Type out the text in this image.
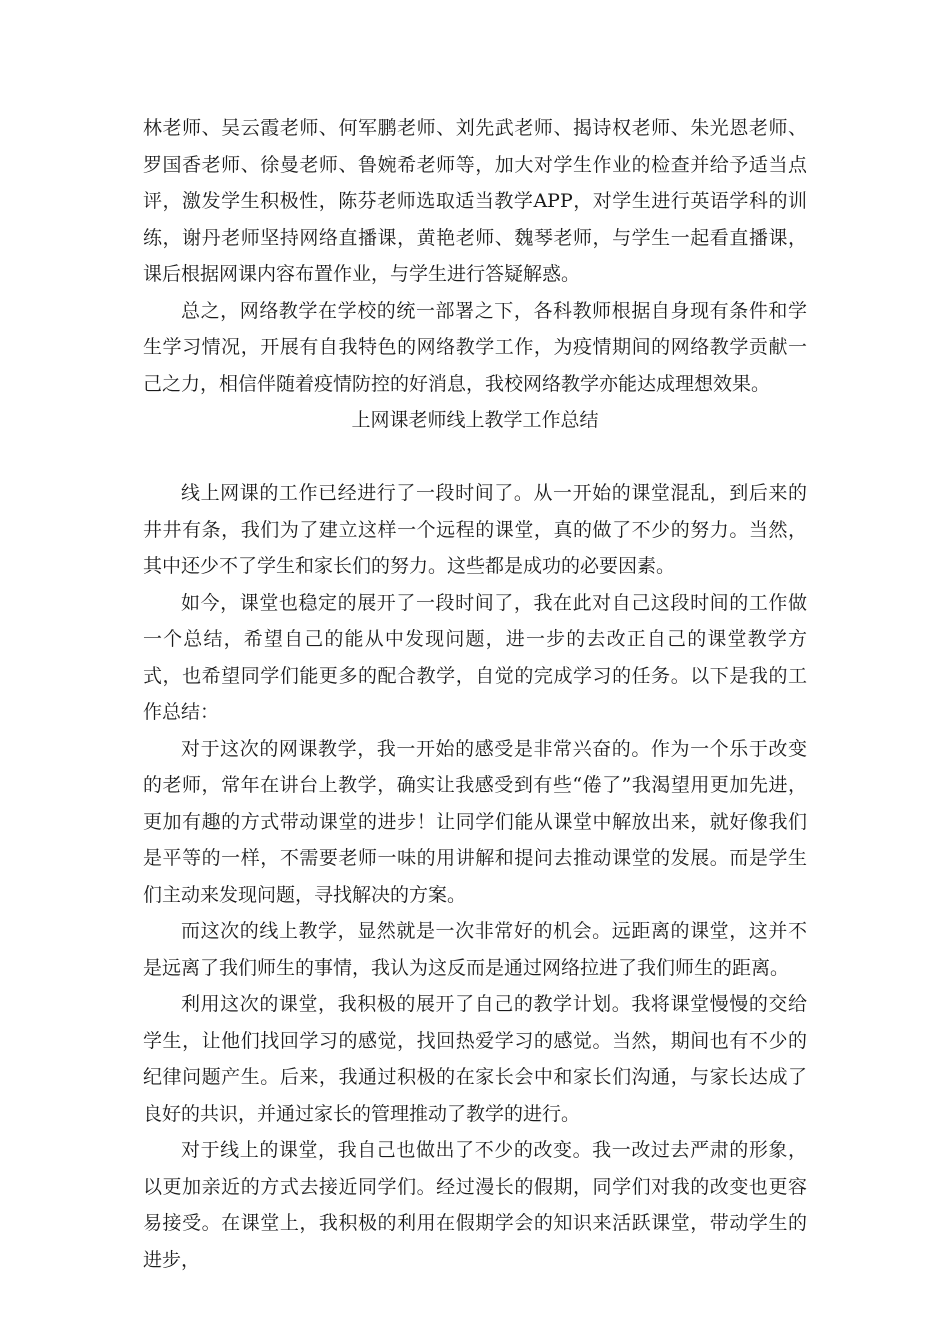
林老师、吴云霞老师、何军鹏老师、刘先武老师、揭诗权老师、朱光恩老师、罗国香老师、徐曼老师、鲁婉希老师等，加大对学生作业的检查并给予适当点评，激发学生积极性，陈芬老师选取适当教学APP，对学生进行英语学科的训练，谢丹老师坚持网络直播课，黄艳老师、魏琴老师，与学生一起看直播课，课后根据网课内容布置作业，与学生进行答疑解惑。

总之，网络教学在学校的统一部署之下，各科教师根据自身现有条件和学生学习情况，开展有自我特色的网络教学工作，为疫情期间的网络教学贡献一己之力，相信伴随着疫情防控的好消息，我校网络教学亦能达成理想效果。

上网课老师线上教学工作总结

线上网课的工作已经进行了一段时间了。从一开始的课堂混乱，到后来的井井有条，我们为了建立这样一个远程的课堂，真的做了不少的努力。当然，其中还少不了学生和家长们的努力。这些都是成功的必要因素。

如今，课堂也稳定的展开了一段时间了，我在此对自己这段时间的工作做一个总结，希望自己的能从中发现问题，进一步的去改正自己的课堂教学方式，也希望同学们能更多的配合教学，自觉的完成学习的任务。以下是我的工作总结：

对于这次的网课教学，我一开始的感受是非常兴奋的。作为一个乐于改变的老师，常年在讲台上教学，确实让我感受到有些“倦了”我渴望用更加先进，更加有趣的方式带动课堂的进步！让同学们能从课堂中解放出来，就好像我们是平等的一样，不需要老师一味的用讲解和提问去推动课堂的发展。而是学生们主动来发现问题，寻找解决的方案。

而这次的线上教学，显然就是一次非常好的机会。远距离的课堂，这并不是远离了我们师生的事情，我认为这反而是通过网络拉进了我们师生的距离。

利用这次的课堂，我积极的展开了自己的教学计划。我将课堂慢慢的交给学生，让他们找回学习的感觉，找回热爱学习的感觉。当然，期间也有不少的纪律问题产生。后来，我通过积极的在家长会中和家长们沟通，与家长达成了良好的共识，并通过家长的管理推动了教学的进行。

对于线上的课堂，我自己也做出了不少的改变。我一改过去严肃的形象，以更加亲近的方式去接近同学们。经过漫长的假期，同学们对我的改变也更容易接受。在课堂上，我积极的利用在假期学会的知识来活跃课堂，带动学生的进步，
